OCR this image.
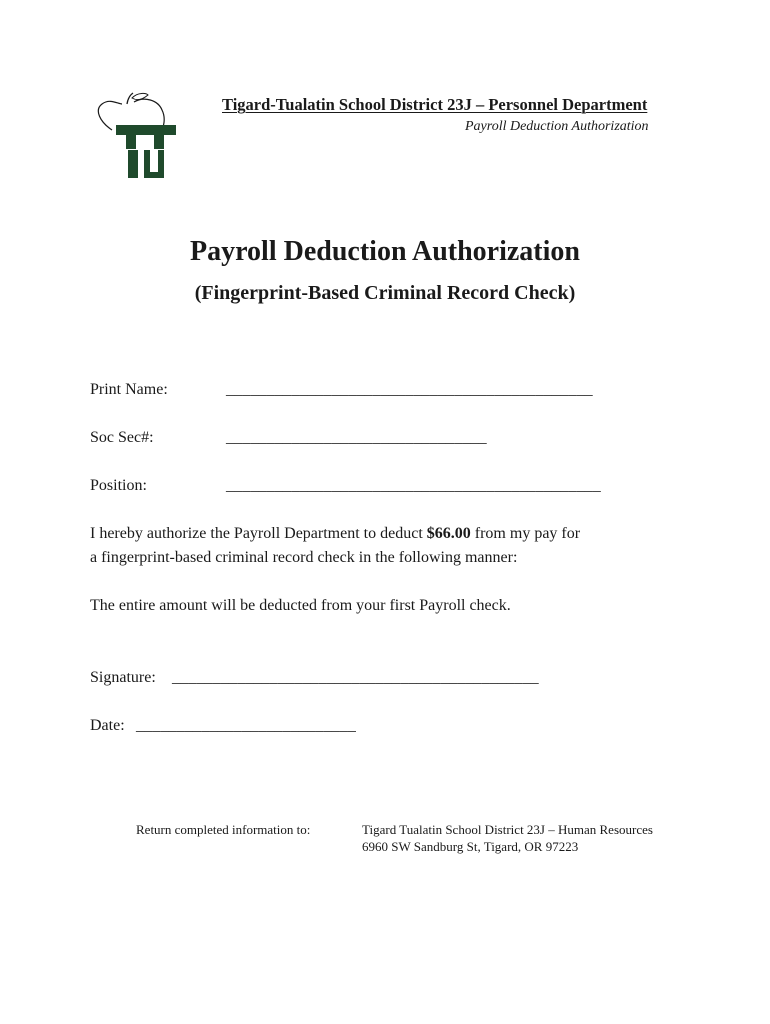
Tigard-Tualatin School District 23J – Personnel Department
Payroll Deduction Authorization
Payroll Deduction Authorization
(Fingerprint-Based Criminal Record Check)
Print Name:	_____________________________________________
Soc Sec#:	________________________________
Position:	______________________________________________
I hereby authorize the Payroll Department to deduct $66.00 from my pay for
a fingerprint-based criminal record check in the following manner:
The entire amount will be deducted from your first Payroll check.
Signature: _____________________________________________
Date: ___________________________
Return completed information to:	Tigard Tualatin School District 23J – Human Resources
6960 SW Sandburg St, Tigard, OR 97223
